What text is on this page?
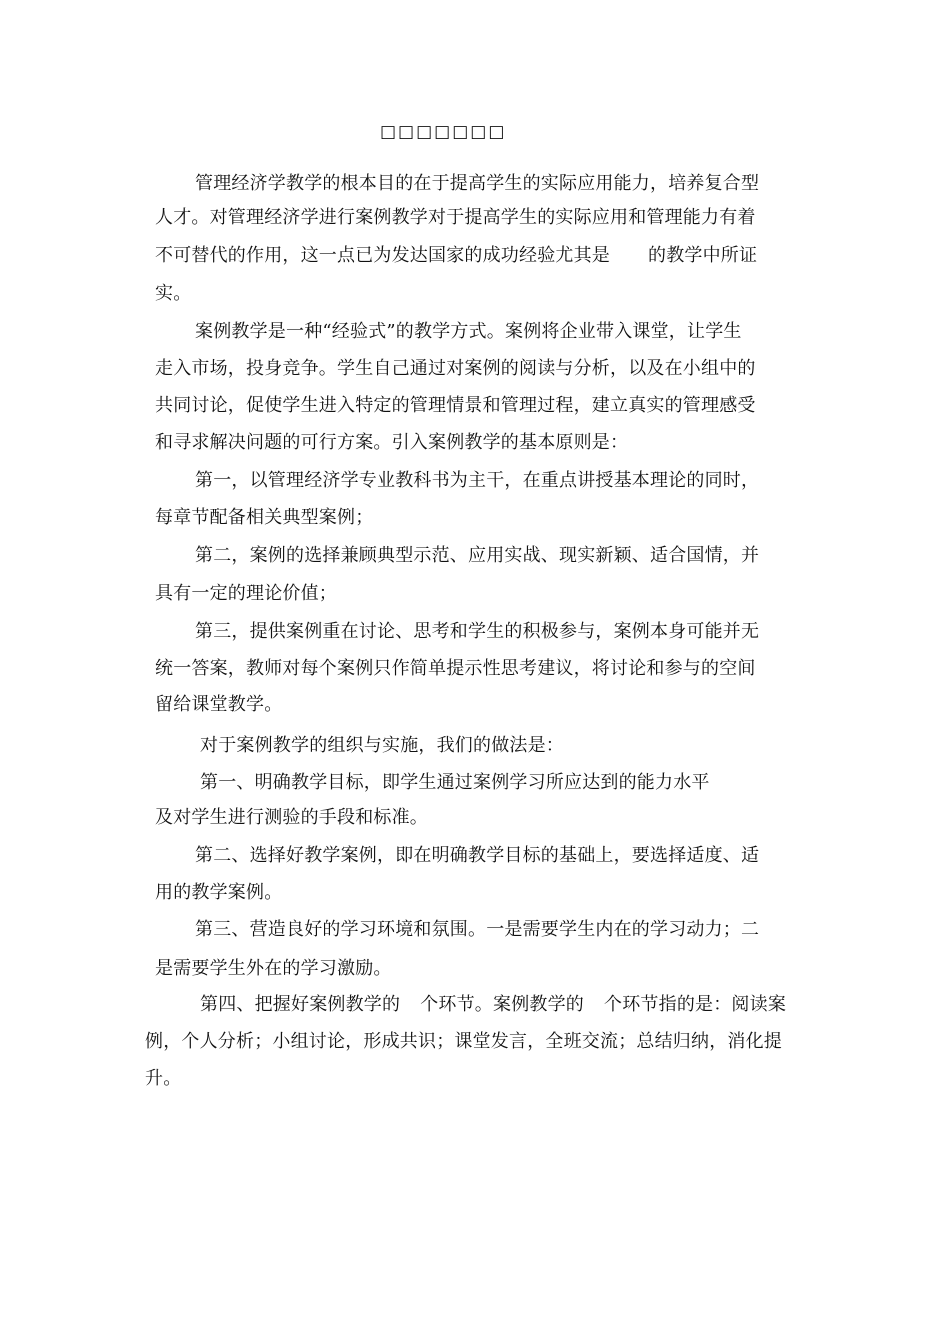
□□□□□□□
管理经济学教学的根本目的在于提高学生的实际应用能力，培养复合型
人才。对管理经济学进行案例教学对于提高学生的实际应用和管理能力有着
不可替代的作用，这一点已为发达国家的成功经验尤其是 的教学中所证
实。
案例教学是一种“经验式”的教学方式。案例将企业带入课堂，让学生
走入市场，投身竞争。学生自己通过对案例的阅读与分析，以及在小组中的
共同讨论，促使学生进入特定的管理情景和管理过程，建立真实的管理感受
和寻求解决问题的可行方案。引入案例教学的基本原则是：
第一，以管理经济学专业教科书为主干，在重点讲授基本理论的同时，
每章节配备相关典型案例；
第二，案例的选择兼顾典型示范、应用实战、现实新颖、适合国情，并
具有一定的理论价值；
第三，提供案例重在讨论、思考和学生的积极参与，案例本身可能并无
统一答案，教师对每个案例只作简单提示性思考建议，将讨论和参与的空间
留给课堂教学。
对于案例教学的组织与实施，我们的做法是：
第一、明确教学目标，即学生通过案例学习所应达到的能力水平
及对学生进行测验的手段和标准。
第二、选择好教学案例，即在明确教学目标的基础上，要选择适度、适
用的教学案例。
第三、营造良好的学习环境和氛围。一是需要学生内在的学习动力；二
是需要学生外在的学习激励。
第四、把握好案例教学的 个环节。案例教学的 个环节指的是：阅读案
例，个人分析；小组讨论，形成共识；课堂发言，全班交流；总结归纳，消化提
升。
